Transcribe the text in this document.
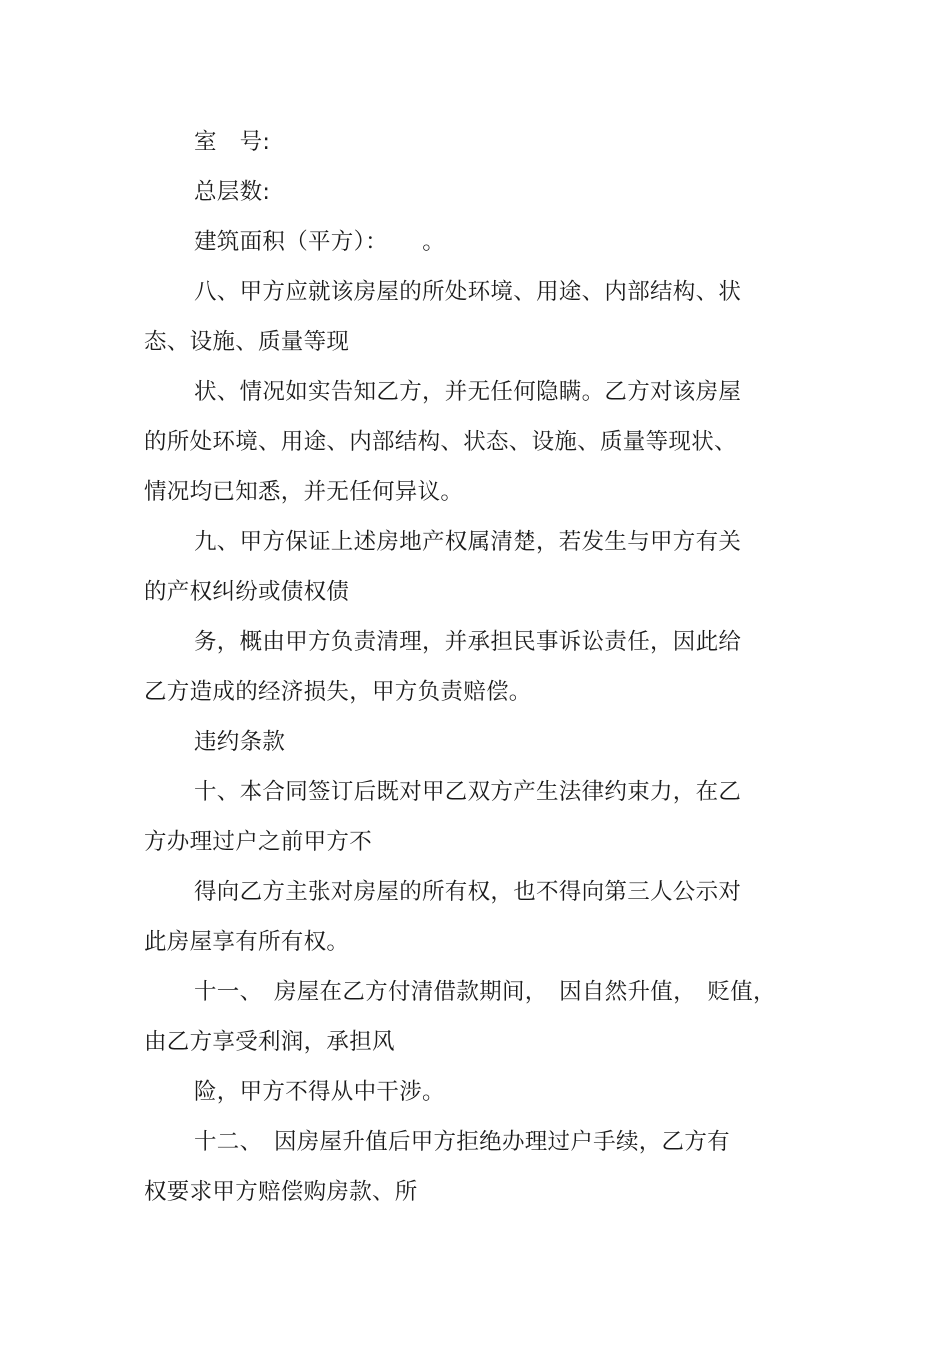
室　号:
总层数:
建筑面积（平方）：　　。
八、甲方应就该房屋的所处环境、用途、内部结构、状
态、设施、质量等现
状、情况如实告知乙方，并无任何隐瞒。乙方对该房屋
的所处环境、用途、内部结构、状态、设施、质量等现状、
情况均已知悉，并无任何异议。
九、甲方保证上述房地产权属清楚，若发生与甲方有关
的产权纠纷或债权债
务，概由甲方负责清理，并承担民事诉讼责任，因此给
乙方造成的经济损失，甲方负责赔偿。
违约条款
十、本合同签订后既对甲乙双方产生法律约束力，在乙
方办理过户之前甲方不
得向乙方主张对房屋的所有权，也不得向第三人公示对
此房屋享有所有权。
十一、　房屋在乙方付清借款期间，　因自然升值，　贬值，
由乙方享受利润，承担风
险，甲方不得从中干涉。
十二、　因房屋升值后甲方拒绝办理过户手续，乙方有
权要求甲方赔偿购房款、所
